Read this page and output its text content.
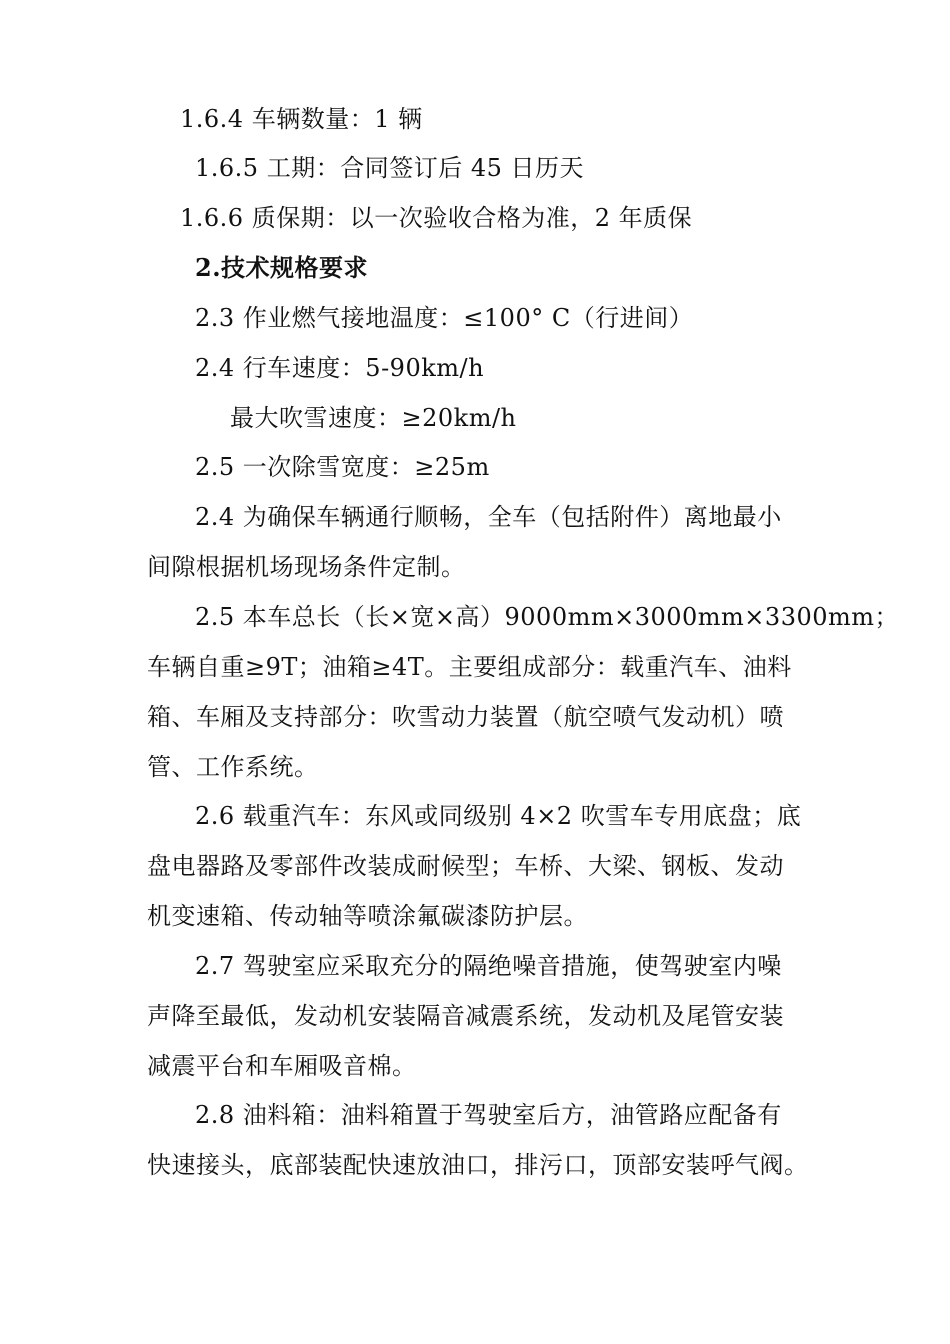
1.6.4 车辆数量：1 辆
1.6.5 工期：合同签订后 45 日历天
1.6.6 质保期：以一次验收合格为准，2 年质保
2.技术规格要求
2.3 作业燃气接地温度：≤100° C（行进间）
2.4 行车速度：5-90km/h
最大吹雪速度：≥20km/h
2.5 一次除雪宽度：≥25m
2.4 为确保车辆通行顺畅，全车（包括附件）离地最小
间隙根据机场现场条件定制。
2.5 本车总长（长×宽×高）9000mm×3000mm×3300mm；
车辆自重≥9T；油箱≥4T。主要组成部分：载重汽车、油料
箱、车厢及支持部分：吹雪动力装置（航空喷气发动机）喷
管、工作系统。
2.6 载重汽车：东风或同级别 4×2 吹雪车专用底盘；底
盘电器路及零部件改装成耐候型；车桥、大梁、钢板、发动
机变速箱、传动轴等喷涂氟碳漆防护层。
2.7 驾驶室应采取充分的隔绝噪音措施，使驾驶室内噪
声降至最低，发动机安装隔音减震系统，发动机及尾管安装
减震平台和车厢吸音棉。
2.8 油料箱：油料箱置于驾驶室后方，油管路应配备有
快速接头，底部装配快速放油口，排污口，顶部安装呼气阀。
